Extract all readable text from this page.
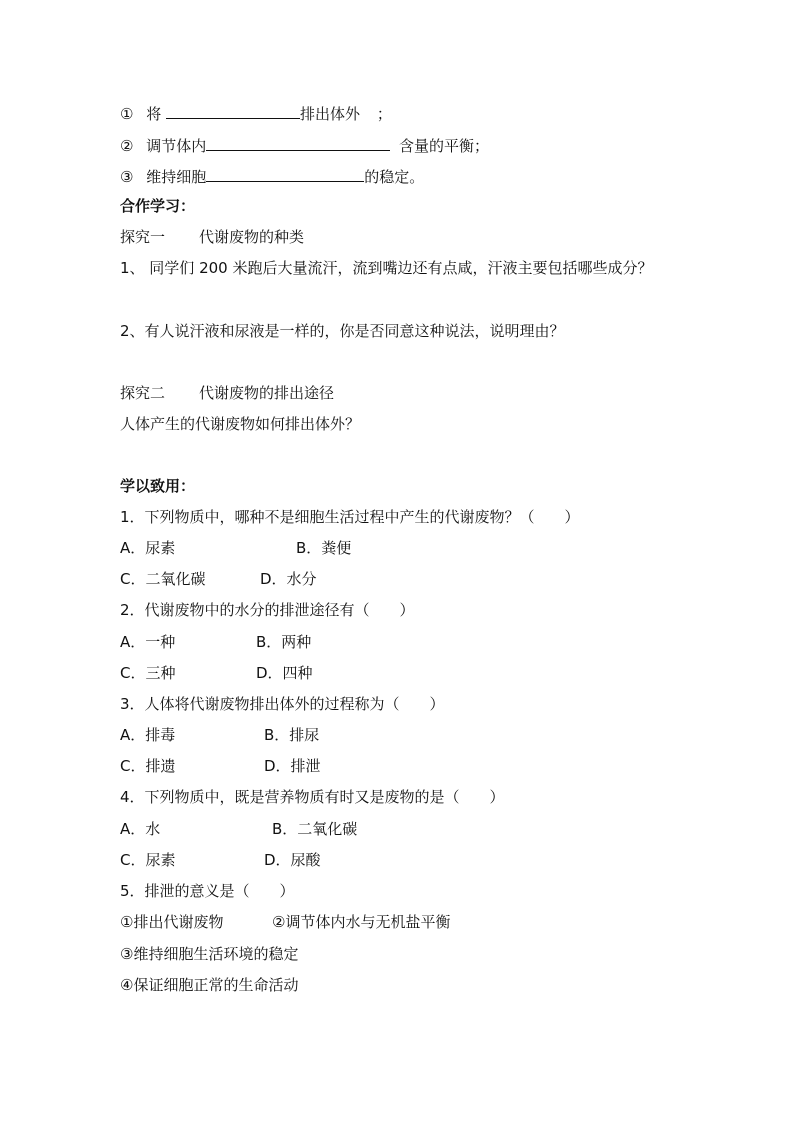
① 将	排出体外 ；
② 调节体内	含量的平衡；
③ 维持细胞	的稳定。
合作学习：
探究一 代谢废物的种类
1、 同学们 200 米跑后大量流汗，流到嘴边还有点咸，汗液主要包括哪些成分？
2、有人说汗液和尿液是一样的，你是否同意这种说法，说明理由？
探究二 代谢废物的排出途径
人体产生的代谢废物如何排出体外？
学以致用：
1．下列物质中，哪种不是细胞生活过程中产生的代谢废物？（　　）
A．尿素	B．粪便
C．二氧化碳	D．水分
2．代谢废物中的水分的排泄途径有（　　）
A．一种	B．两种
C．三种	D．四种
3．人体将代谢废物排出体外的过程称为（　　）
A．排毒	B．排尿
C．排遗	D．排泄
4．下列物质中，既是营养物质有时又是废物的是（　　）
A．水	B．二氧化碳
C．尿素	D．尿酸
5．排泄的意义是（　　）
①排出代谢废物	②调节体内水与无机盐平衡
③维持细胞生活环境的稳定
④保证细胞正常的生命活动
